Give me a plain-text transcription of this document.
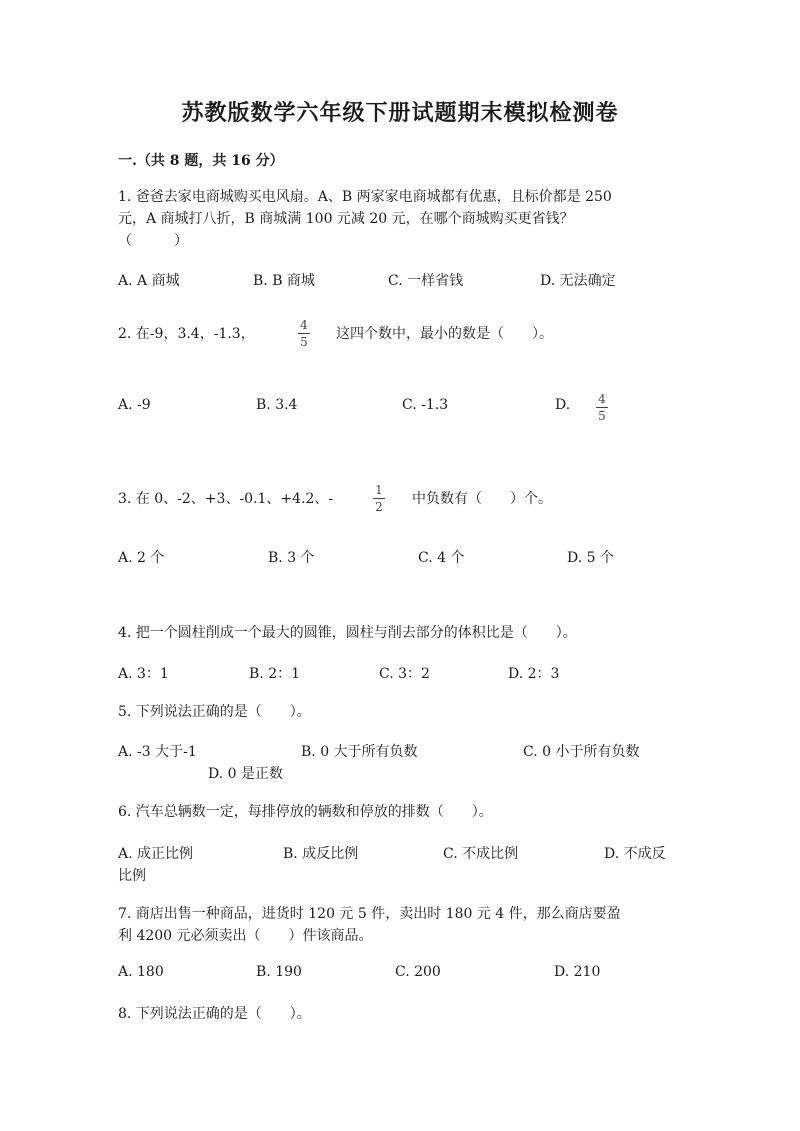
苏教版数学六年级下册试题期末模拟检测卷
一.（共 8 题，共 16 分）
1. 爸爸去家电商城购买电风扇。A、B 两家家电商城都有优惠，且标价都是 250
元，A 商城打八折，B 商城满 100 元减 20 元，在哪个商城购买更省钱？
（　　　）
A. A 商城	B. B 商城	C. 一样省钱	D. 无法确定
2. 在-9，3.4，-1.3，
4
5 这四个数中，最小的数是（　　）。
A. -9	B. 3.4	C. -1.3	D. 4
5
3. 在 0、-2、+3、-0.1、+4.2、-
1
2 中负数有（　　）个。
A. 2 个	B. 3 个	C. 4 个	D. 5 个
4. 把一个圆柱削成一个最大的圆锥，圆柱与削去部分的体积比是（　　）。
A. 3：1	B. 2：1	C. 3：2	D. 2：3
5. 下列说法正确的是（　　）。
A. -3 大于-1	B. 0 大于所有负数	C. 0 小于所有负数
D. 0 是正数
6. 汽车总辆数一定，每排停放的辆数和停放的排数（　　）。
A. 成正比例	B. 成反比例	C. 不成比例	D. 不成反
比例
7. 商店出售一种商品，进货时 120 元 5 件，卖出时 180 元 4 件，那么商店要盈
利 4200 元必须卖出（　　）件该商品。
A. 180	B. 190	C. 200	D. 210
8. 下列说法正确的是（　　）。
